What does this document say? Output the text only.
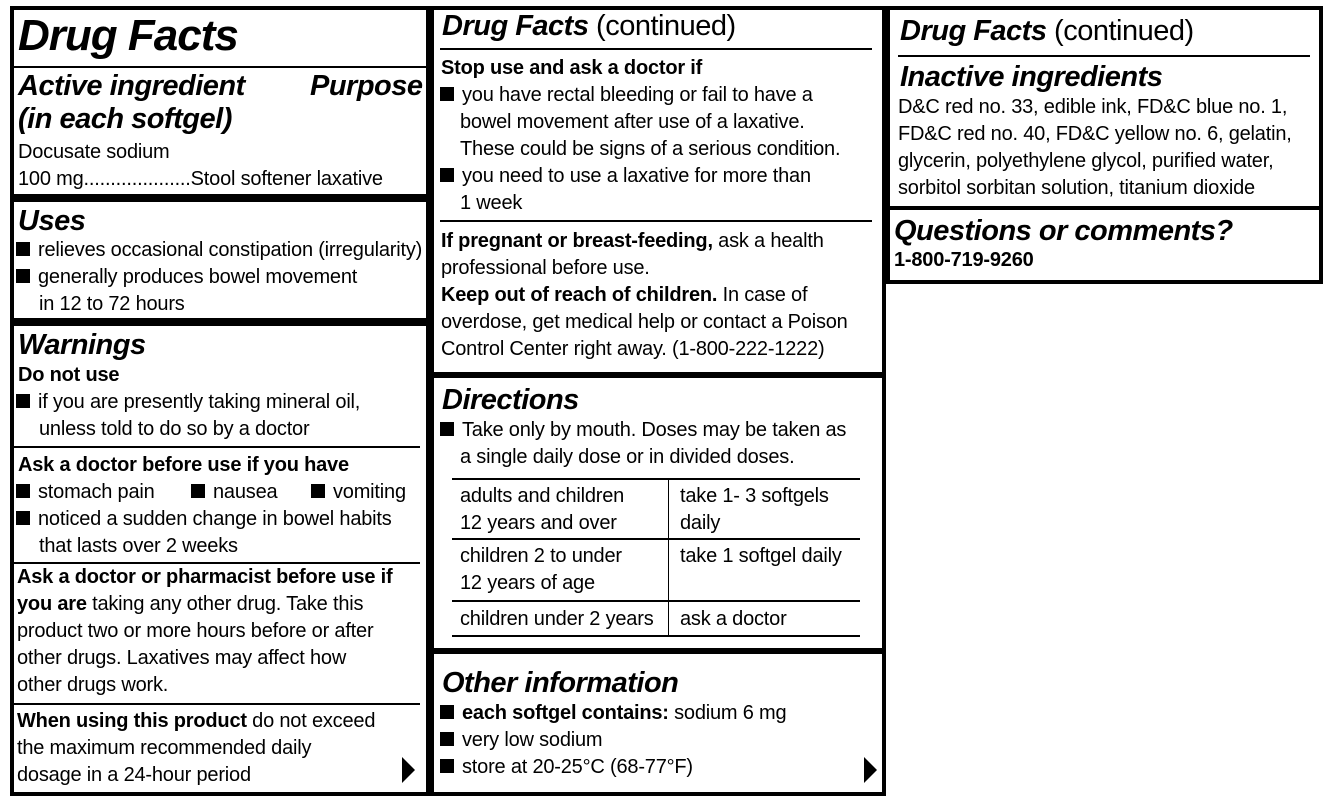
Drug Facts
Active ingredient Purpose
(in each softgel)
Docusate sodium
100 mg....................Stool softener laxative
Uses
relieves occasional constipation (irregularity)
generally produces bowel movement
in 12 to 72 hours
Warnings
Do not use
if you are presently taking mineral oil,
unless told to do so by a doctor
Ask a doctor before use if you have
stomach pain	nausea	vomiting
noticed a sudden change in bowel habits
that lasts over 2 weeks
Ask a doctor or pharmacist before use if
you are taking any other drug. Take this
product two or more hours before or after
other drugs. Laxatives may affect how
other drugs work.
When using this product do not exceed
the maximum recommended daily
dosage in a 24-hour period
Drug Facts (continued)
Stop use and ask a doctor if
you have rectal bleeding or fail to have a
bowel movement after use of a laxative.
These could be signs of a serious condition.
you need to use a laxative for more than
1 week
If pregnant or breast-feeding, ask a health
professional before use.
Keep out of reach of children. In case of
overdose, get medical help or contact a Poison
Control Center right away. (1-800-222-1222)
Directions
Take only by mouth. Doses may be taken as
a single daily dose or in divided doses.
adults and children
12 years and over
take 1- 3 softgels
daily
children 2 to under
12 years of age
take 1 softgel daily
children under 2 years ask a doctor
Other information
each softgel contains: sodium 6 mg
very low sodium
store at 20-25°C (68-77°F)
Drug Facts (continued)
Inactive ingredients
D&C red no. 33, edible ink, FD&C blue no. 1,
FD&C red no. 40, FD&C yellow no. 6, gelatin,
glycerin, polyethylene glycol, purified water,
sorbitol sorbitan solution, titanium dioxide
Questions or comments?
1-800-719-9260
